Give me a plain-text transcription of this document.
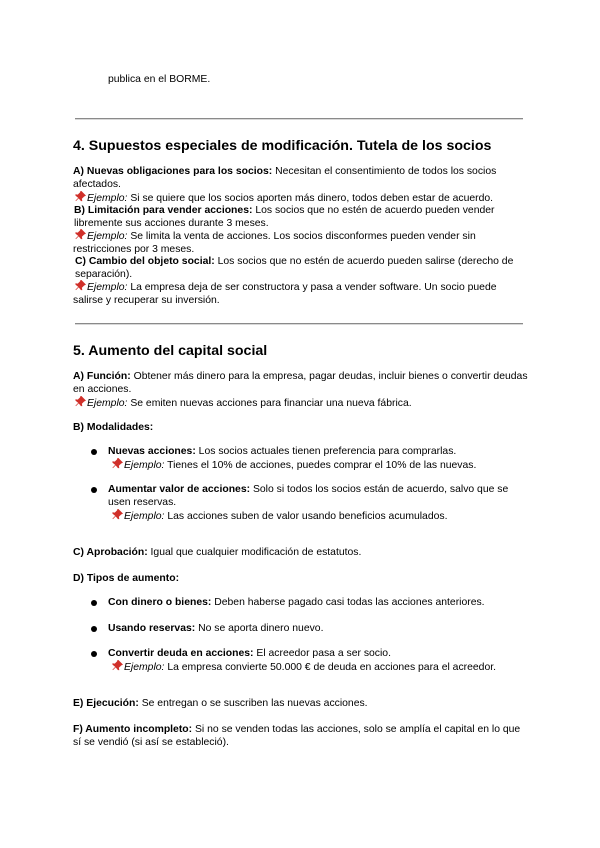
publica en el BORME.
4. Supuestos especiales de modificación. Tutela de los socios
A) Nuevas obligaciones para los socios: Necesitan el consentimiento de todos los socios afectados.
Ejemplo: Si se quiere que los socios aporten más dinero, todos deben estar de acuerdo.
B) Limitación para vender acciones: Los socios que no estén de acuerdo pueden vender libremente sus acciones durante 3 meses.
Ejemplo: Se limita la venta de acciones. Los socios disconformes pueden vender sin restricciones por 3 meses.
C) Cambio del objeto social: Los socios que no estén de acuerdo pueden salirse (derecho de separación).
Ejemplo: La empresa deja de ser constructora y pasa a vender software. Un socio puede salirse y recuperar su inversión.
5. Aumento del capital social
A) Función: Obtener más dinero para la empresa, pagar deudas, incluir bienes o convertir deudas en acciones.
Ejemplo: Se emiten nuevas acciones para financiar una nueva fábrica.
B) Modalidades:
Nuevas acciones: Los socios actuales tienen preferencia para comprarlas.
Ejemplo: Tienes el 10% de acciones, puedes comprar el 10% de las nuevas.
Aumentar valor de acciones: Solo si todos los socios están de acuerdo, salvo que se usen reservas.
Ejemplo: Las acciones suben de valor usando beneficios acumulados.
C) Aprobación: Igual que cualquier modificación de estatutos.
D) Tipos de aumento:
Con dinero o bienes: Deben haberse pagado casi todas las acciones anteriores.
Usando reservas: No se aporta dinero nuevo.
Convertir deuda en acciones: El acreedor pasa a ser socio.
Ejemplo: La empresa convierte 50.000 € de deuda en acciones para el acreedor.
E) Ejecución: Se entregan o se suscriben las nuevas acciones.
F) Aumento incompleto: Si no se venden todas las acciones, solo se amplía el capital en lo que sí se vendió (si así se estableció).
